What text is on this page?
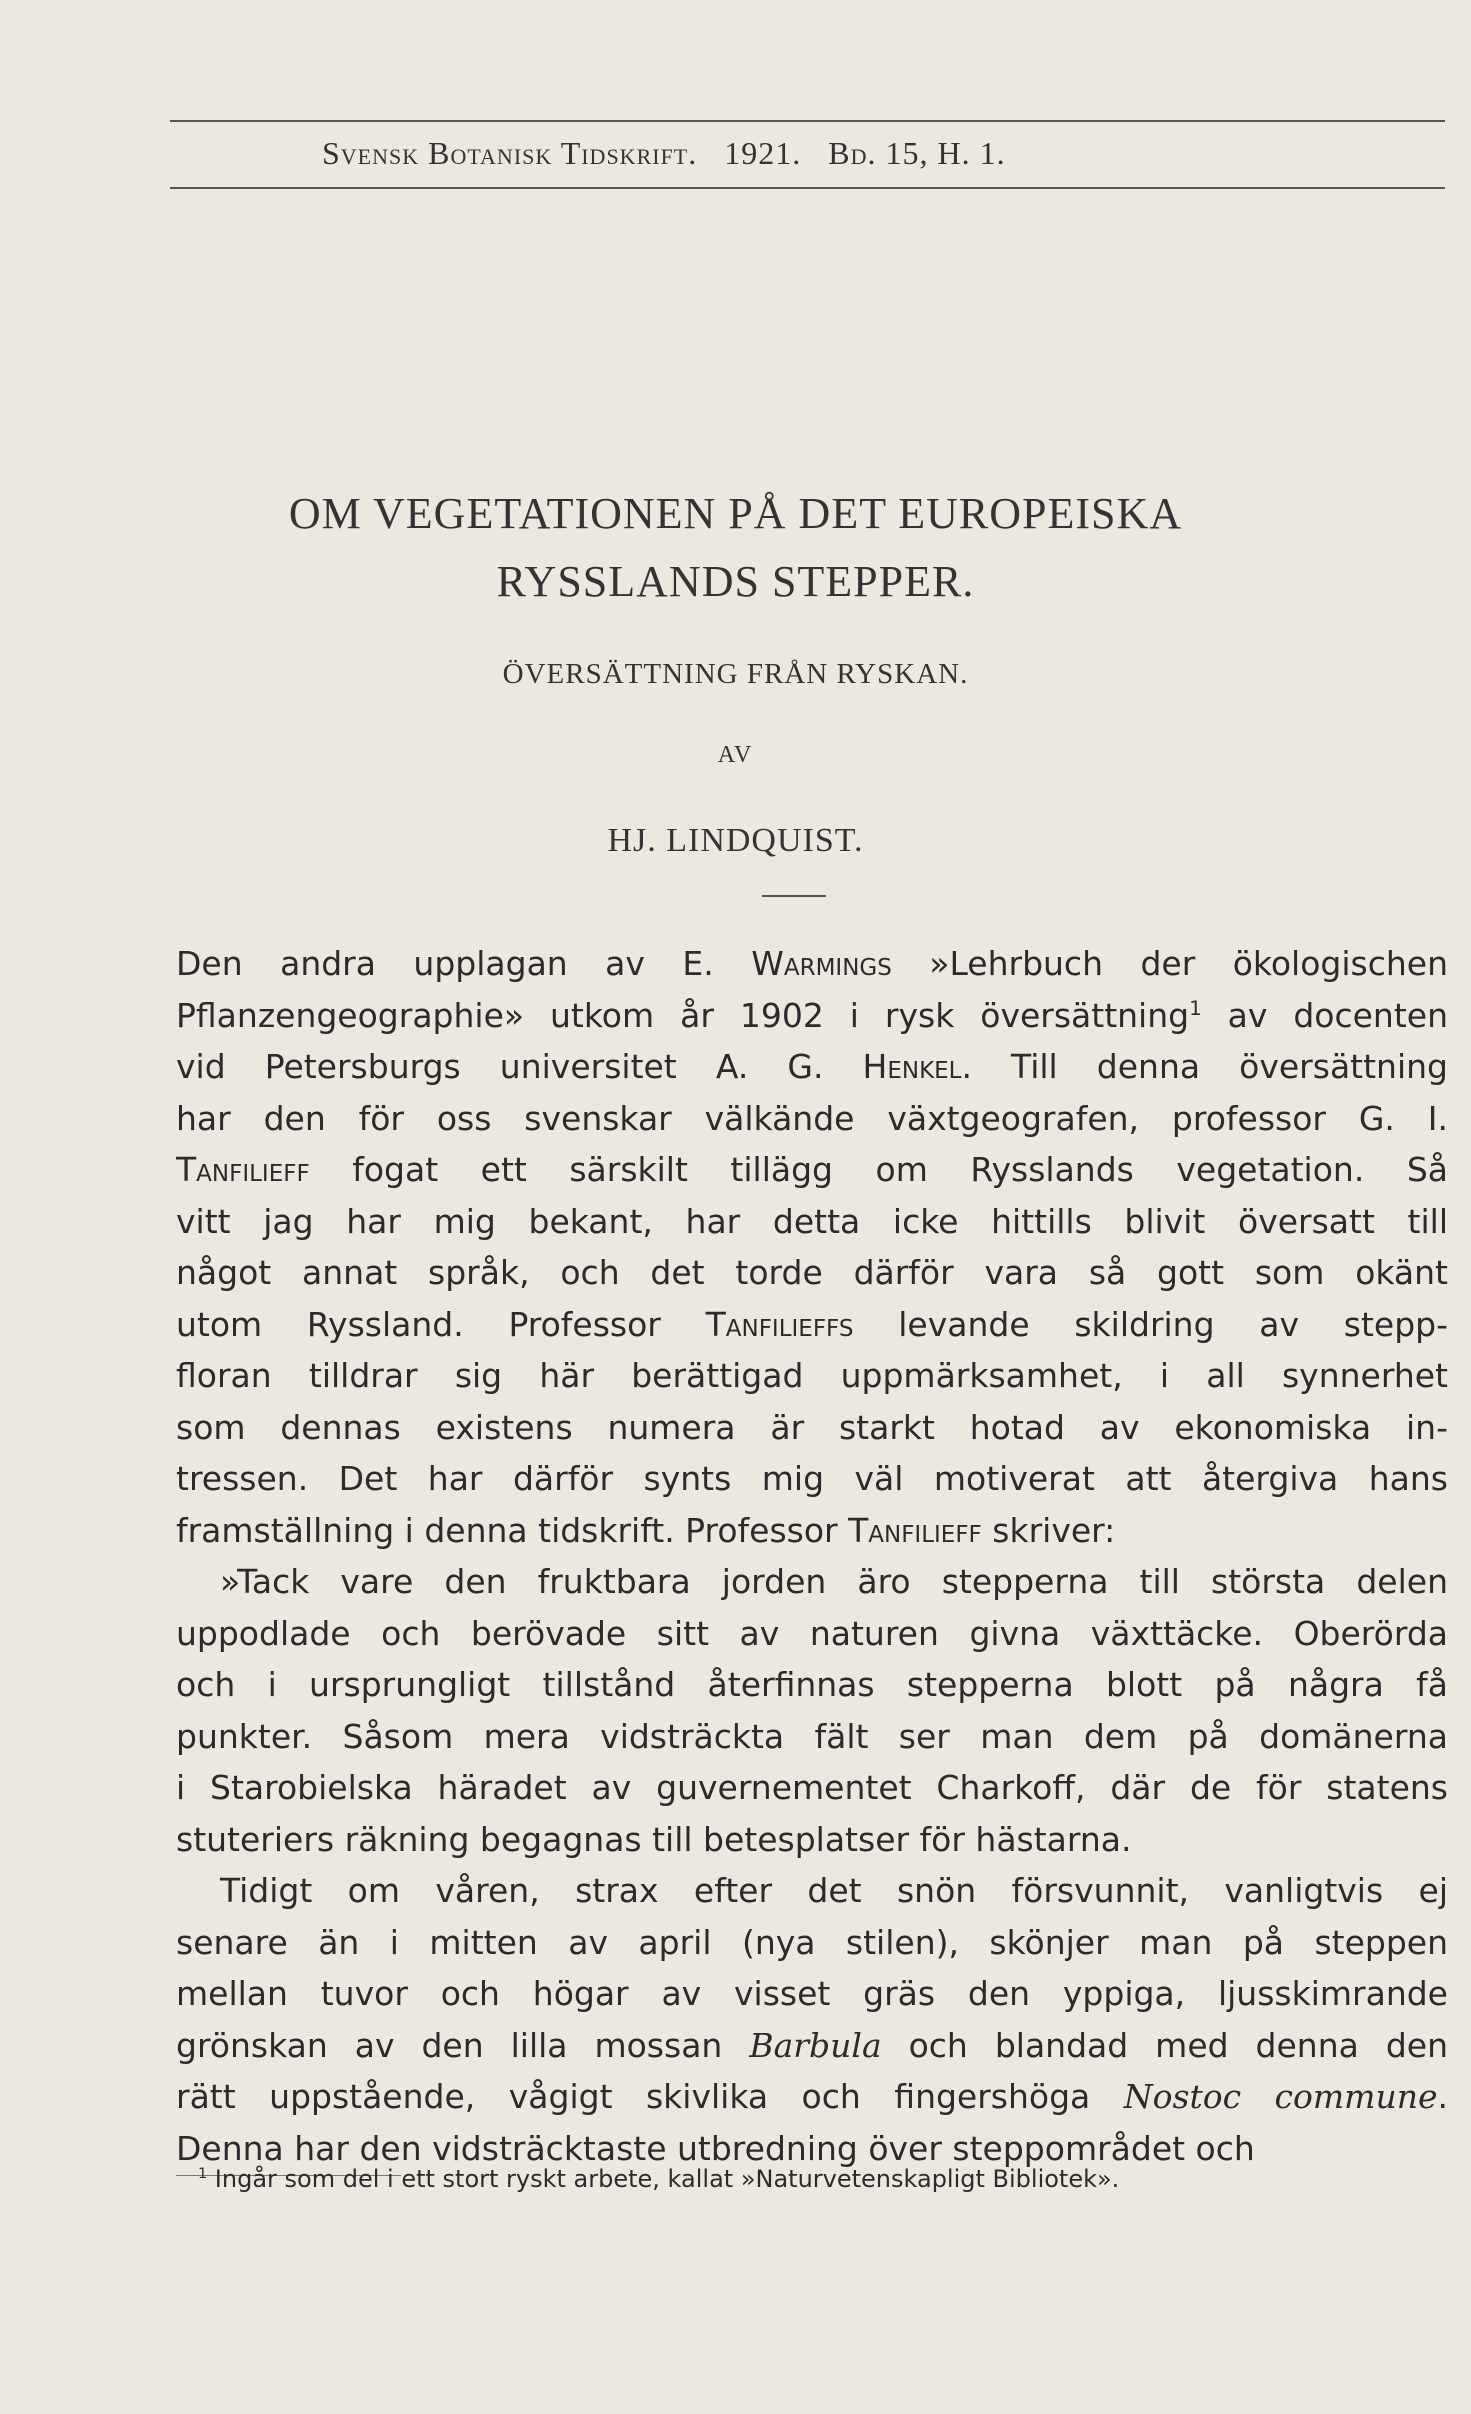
Svensk Botanisk Tidskrift. 1921. Bd. 15, H. 1.
OM VEGETATIONEN PÅ DET EUROPEISKA
RYSSLANDS STEPPER.
ÖVERSÄTTNING FRÅN RYSKAN.
AV
HJ. LINDQUIST.
Den andra upplagan av E. Warmings »Lehrbuch der ökologischen
Pflanzengeographie» utkom år 1902 i rysk översättning$^1$ av docenten
vid Petersburgs universitet A. G. Henkel. Till denna översättning
har den för oss svenskar välkände växtgeografen, professor G. I.
Tanfilieff fogat ett särskilt tillägg om Rysslands vegetation. Så
vitt jag har mig bekant, har detta icke hittills blivit översatt till
något annat språk, och det torde därför vara så gott som okänt
utom Ryssland. Professor Tanfilieffs levande skildring av stepp-
floran tilldrar sig här berättigad uppmärksamhet, i all synnerhet
som dennas existens numera är starkt hotad av ekonomiska in-
tressen. Det har därför synts mig väl motiverat att återgiva hans
framställning i denna tidskrift. Professor Tanfilieff skriver:
»Tack vare den fruktbara jorden äro stepperna till största delen
uppodlade och berövade sitt av naturen givna växttäcke. Oberörda
och i ursprungligt tillstånd återfinnas stepperna blott på några få
punkter. Såsom mera vidsträckta fält ser man dem på domänerna
i Starobielska häradet av guvernementet Charkoff, där de för statens
stuteriers räkning begagnas till betesplatser för hästarna.
Tidigt om våren, strax efter det snön försvunnit, vanligtvis ej
senare än i mitten av april (nya stilen), skönjer man på steppen
mellan tuvor och högar av visset gräs den yppiga, ljusskimrande
grönskan av den lilla mossan Barbula och blandad med denna den
rätt uppstående, vågigt skivlika och fingershöga Nostoc commune.
Denna har den vidsträcktaste utbredning över steppområdet och
$^1$ Ingår som del i ett stort ryskt arbete, kallat »Naturvetenskapligt Bibliotek».
